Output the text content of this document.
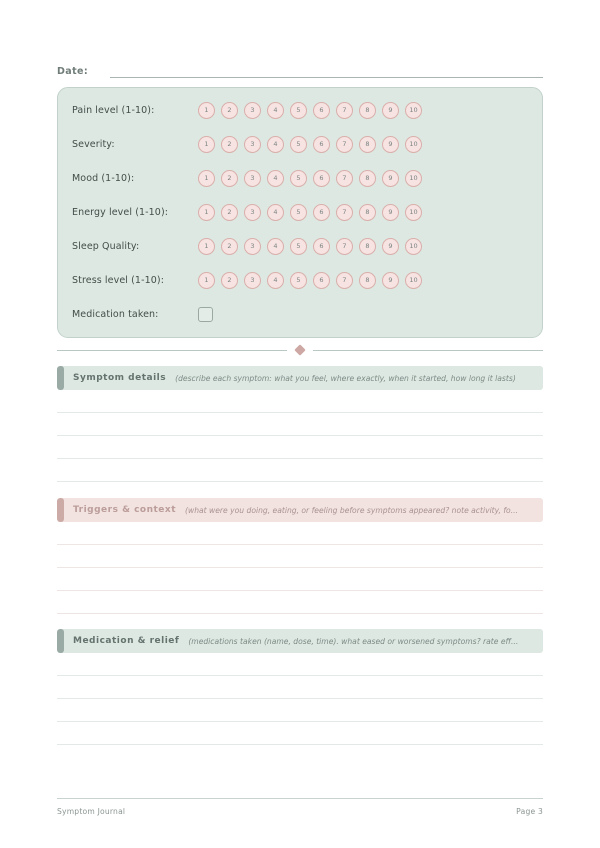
Date:
Pain level (1-10):	1	2	3	4	5	6	7	8	9	10
Severity:	1	2	3	4	5	6	7	8	9	10
Mood (1-10):	1	2	3	4	5	6	7	8	9	10
Energy level (1-10):	1	2	3	4	5	6	7	8	9	10
Sleep Quality:	1	2	3	4	5	6	7	8	9	10
Stress level (1-10):	1	2	3	4	5	6	7	8	9	10
Medication taken:
Symptom details (describe each symptom: what you feel, where exactly, when it started, how long it lasts)
Triggers & context (what were you doing, eating, or feeling before symptoms appeared? note activity, fo...
Medication & relief (medications taken (name, dose, time). what eased or worsened symptoms? rate eff...
Symptom Journal	Page 3
